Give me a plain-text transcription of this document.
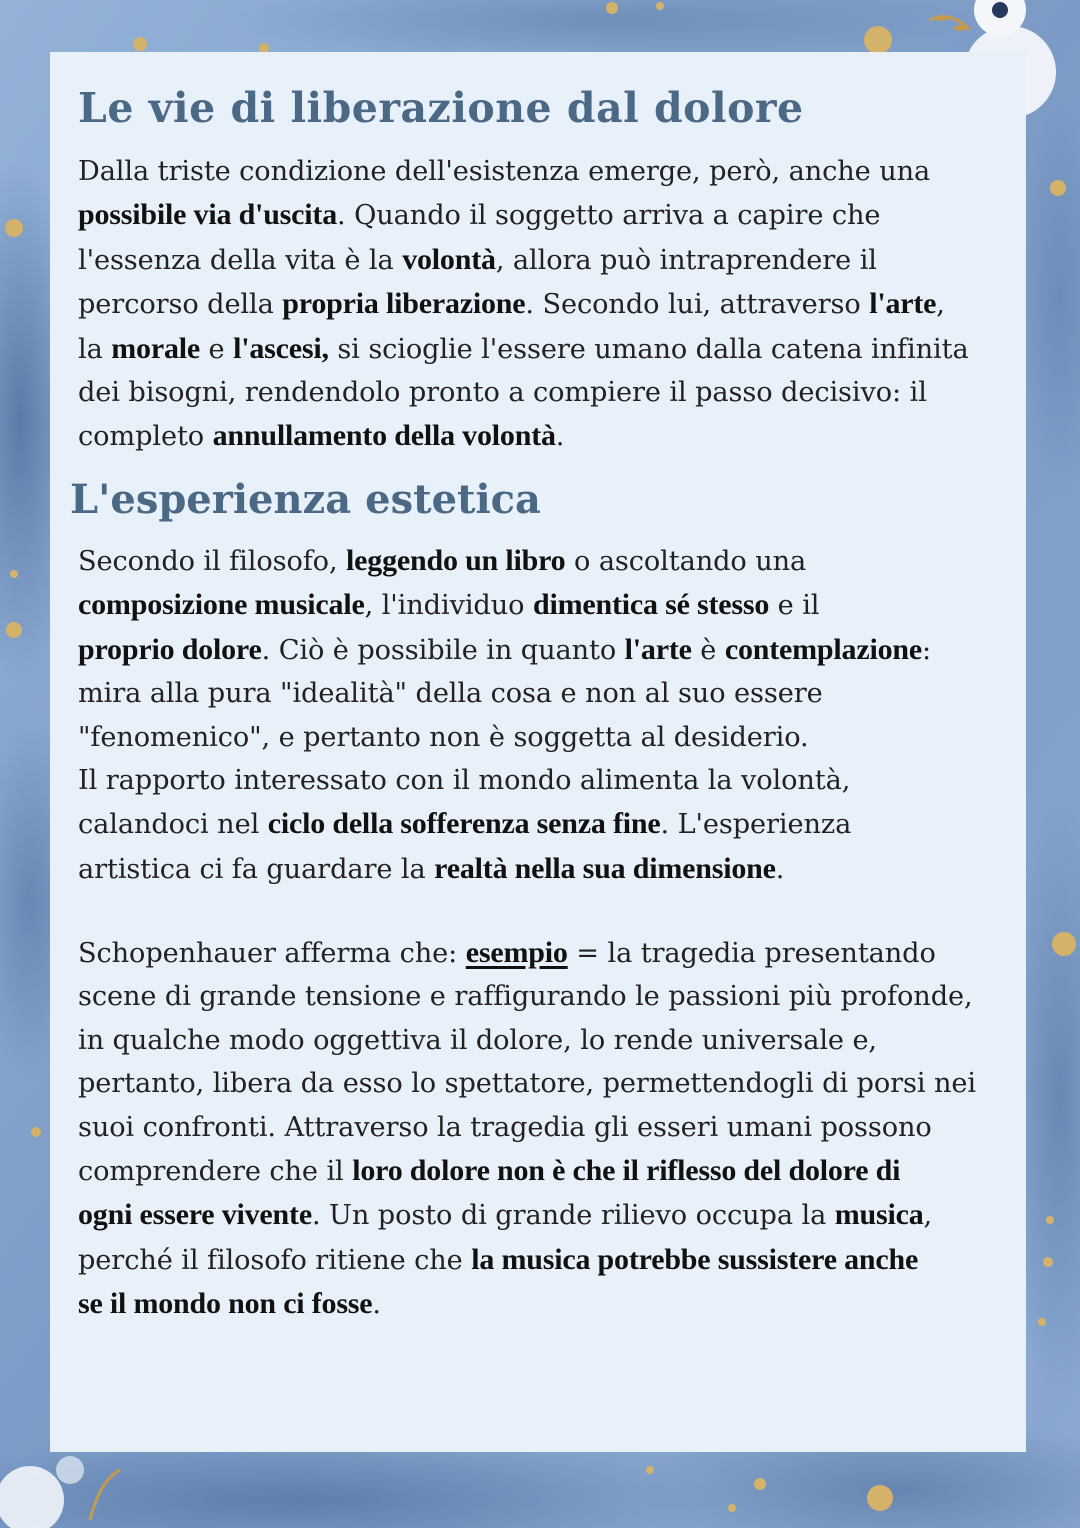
Le vie di liberazione dal dolore
Dalla triste condizione dell'esistenza emerge, però, anche una
possibile via d'uscita. Quando il soggetto arriva a capire che
l'essenza della vita è la volontà, allora può intraprendere il
percorso della propria liberazione. Secondo lui, attraverso l'arte,
la morale e l'ascesi, si scioglie l'essere umano dalla catena infinita
dei bisogni, rendendolo pronto a compiere il passo decisivo: il
completo annullamento della volontà.
L'esperienza estetica
Secondo il filosofo, leggendo un libro o ascoltando una
composizione musicale, l'individuo dimentica sé stesso e il
proprio dolore. Ciò è possibile in quanto l'arte è contemplazione:
mira alla pura "idealità" della cosa e non al suo essere
"fenomenico", e pertanto non è soggetta al desiderio.
Il rapporto interessato con il mondo alimenta la volontà,
calandoci nel ciclo della sofferenza senza fine. L'esperienza
artistica ci fa guardare la realtà nella sua dimensione.
Schopenhauer afferma che: esempio = la tragedia presentando
scene di grande tensione e raffigurando le passioni più profonde,
in qualche modo oggettiva il dolore, lo rende universale e,
pertanto, libera da esso lo spettatore, permettendogli di porsi nei
suoi confronti. Attraverso la tragedia gli esseri umani possono
comprendere che il loro dolore non è che il riflesso del dolore di
ogni essere vivente. Un posto di grande rilievo occupa la musica,
perché il filosofo ritiene che la musica potrebbe sussistere anche
se il mondo non ci fosse.
